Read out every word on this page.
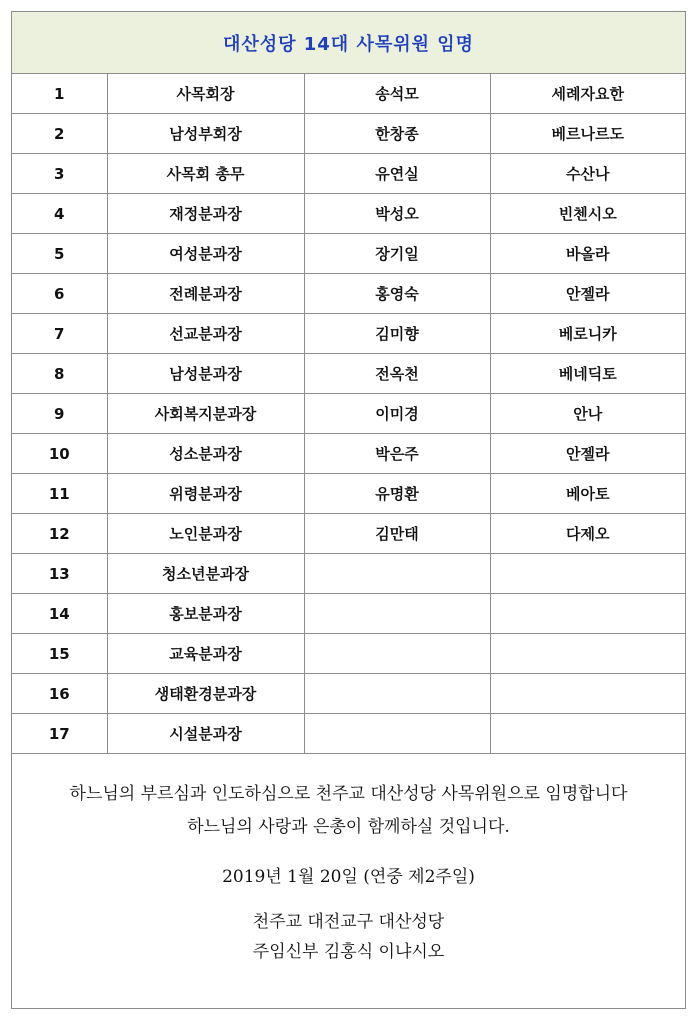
대산성당 14대 사목위원 임명
1	사목회장	송석모	세례자요한
2	남성부회장	한창종	베르나르도
3	사목회 총무	유연실	수산나
4	재정분과장	박성오	빈첸시오
5	여성분과장	장기일	바올라
6	전례분과장	홍영숙	안젤라
7	선교분과장	김미향	베로니카
8	남성분과장	전옥천	베네딕토
9	사회복지분과장	이미경	안나
10	성소분과장	박은주	안젤라
11	위령분과장	유명환	베아토
12	노인분과장	김만태	다제오
13	청소년분과장		
14	홍보분과장		
15	교육분과장		
16	생태환경분과장		
17	시설분과장		

하느님의 부르심과 인도하심으로 천주교 대산성당 사목위원으로 임명합니다
하느님의 사랑과 은총이 함께하실 것입니다.

2019년 1월 20일 (연중 제2주일)

천주교 대전교구 대산성당
주임신부 김홍식 이냐시오
